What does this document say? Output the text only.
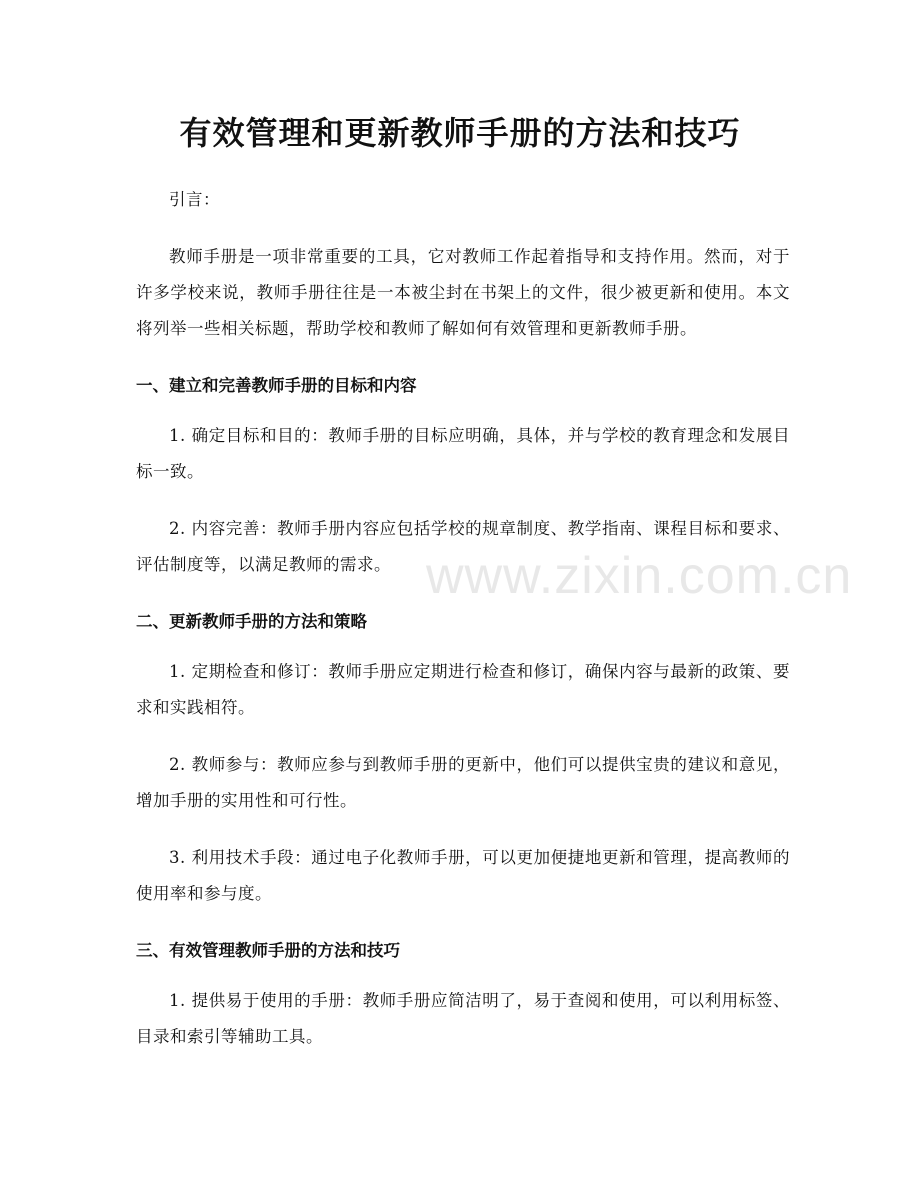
有效管理和更新教师手册的方法和技巧

引言：

教师手册是一项非常重要的工具，它对教师工作起着指导和支持作用。然而，对于许多学校来说，教师手册往往是一本被尘封在书架上的文件，很少被更新和使用。本文将列举一些相关标题，帮助学校和教师了解如何有效管理和更新教师手册。

一、建立和完善教师手册的目标和内容

1. 确定目标和目的：教师手册的目标应明确，具体，并与学校的教育理念和发展目标一致。

2. 内容完善：教师手册内容应包括学校的规章制度、教学指南、课程目标和要求、评估制度等，以满足教师的需求。

二、更新教师手册的方法和策略

1. 定期检查和修订：教师手册应定期进行检查和修订，确保内容与最新的政策、要求和实践相符。

2. 教师参与：教师应参与到教师手册的更新中，他们可以提供宝贵的建议和意见，增加手册的实用性和可行性。

3. 利用技术手段：通过电子化教师手册，可以更加便捷地更新和管理，提高教师的使用率和参与度。

三、有效管理教师手册的方法和技巧

1. 提供易于使用的手册：教师手册应简洁明了，易于查阅和使用，可以利用标签、目录和索引等辅助工具。

www.zixin.com.cn
